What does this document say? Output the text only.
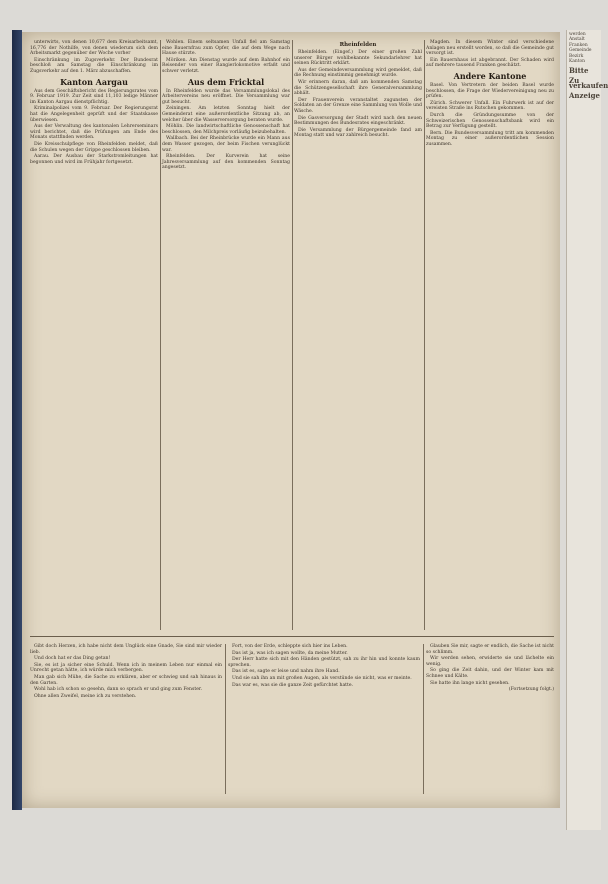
unterwirts, von denen 10,677 dem Kreisarbeitsamt, 16,776 der Nothilfe, von denen wiederum sich dem Arbeitsmarkt gegenüber der Woche vorher

Einschränkung im Zugsverkehr. Der Bundesrat beschloß am Samstag die Einschränkung im Zugsverkehr auf den 1. März abzuschaffen.

Kanton Aargau

Aus dem Geschäftsbericht des Regierungsrates vom 9. Februar 1919. Zur Zeit sind 11,103 ledige Männer im Kanton Aargau dienstpflichtig.

Kriminalpolizei vom 9. Februar. Der Regierungsrat hat die Angelegenheit geprüft und der Staatskasse überwiesen.

Aus der Verwaltung des kantonalen Lehrerseminars wird berichtet, daß die Prüfungen am Ende des Monats stattfinden werden.

Die Kreisschulpflege von Rheinfelden meldet, daß die Schulen wegen der Grippe geschlossen bleiben.

Aarau. Der Ausbau der Starkstromleitungen hat begonnen und wird im Frühjahr fortgesetzt.

Wohlen. Einem seltsamen Unfall fiel am Samstag eine Bauernfrau zum Opfer, die auf dem Wege nach Hause stürzte.

Möriken. Am Dienstag wurde auf dem Bahnhof ein Reisender von einer Rangierlokomotive erfaßt und schwer verletzt.

Aus dem Fricktal

In Rheinfelden wurde das Versammlungslokal des Arbeitervereins neu eröffnet. Die Versammlung war gut besucht.

Zeiningen. Am letzten Sonntag hielt der Gemeinderat eine außerordentliche Sitzung ab, an welcher über die Wasserversorgung beraten wurde.

Möhlin. Die landwirtschaftliche Genossenschaft hat beschlossen, den Milchpreis vorläufig beizubehalten.

Wallbach. Bei der Rheinbrücke wurde ein Mann aus dem Wasser gezogen, der beim Fischen verunglückt war.

Rheinfelden. Der Kurverein hat seine Jahresversammlung auf den kommenden Sonntag angesetzt.

Rheinfelden

Rheinfelden. (Eingef.) Der einer großen Zahl unserer Bürger wohlbekannte Sekundarlehrer hat seinen Rücktritt erklärt.

Aus der Gemeindeversammlung wird gemeldet, daß die Rechnung einstimmig genehmigt wurde.

Wir erinnern daran, daß am kommenden Samstag die Schützengesellschaft ihre Generalversammlung abhält.

Der Frauenverein veranstaltet zugunsten der Soldaten an der Grenze eine Sammlung von Wolle und Wäsche.

Die Gasversorgung der Stadt wird nach den neuen Bestimmungen des Bundesrates eingeschränkt.

Die Versammlung der Bürgergemeinde fand am Montag statt und war zahlreich besucht.

Magden. In diesem Winter sind verschiedene Anlagen neu erstellt worden, so daß die Gemeinde gut versorgt ist.

Ein Bauernhaus ist abgebrannt. Der Schaden wird auf mehrere tausend Franken geschätzt.

Andere Kantone

Basel. Von Vertretern der beiden Basel wurde beschlossen, die Frage der Wiedervereinigung neu zu prüfen.

Zürich. Schwerer Unfall. Ein Fuhrwerk ist auf der vereisten Straße ins Rutschen gekommen.

Durch die Gründungssumme von der Schweizerischen Genossenschaftsbank wird ein Betrag zur Verfügung gestellt.

Bern. Die Bundesversammlung tritt am kommenden Montag zu einer außerordentlichen Session zusammen.

Gibt doch Herzen, ich habe nicht dem Unglück eine Gnade, Sie sind mir wieder lieb.

Und doch hat er das Ding getan!

Sie, es ist ja sicher eine Schuld. Wenn ich in meinem Leben nur einmal ein Unrecht getan hätte, ich würde mich verbergen.

Man gab sich Mühe, die Sache zu erklären, aber er schwieg und sah hinaus in den Garten.

Wohl hab ich schon so gesehn, dann so sprach er und ging zum Fenster.

Ohne allen Zweifel, meine ich zu verstehen.

Fort, von der Erde, schleppte sich hier ins Leben.

Das ist ja, was ich sagen wollte, da meine Mutter.

Der Herr hatte sich mit den Händen gestützt, sah zu ihr hin und konnte kaum sprechen.

Das ist es, sagte er leise und nahm ihre Hand.

Und sie sah ihn an mit großen Augen, als verstünde sie nicht, was er meinte.

Das war es, was sie die ganze Zeit gefürchtet hatte.

Glauben Sie mir, sagte er endlich, die Sache ist nicht so schlimm.

Wir werden sehen, erwiderte sie und lächelte ein wenig.

So ging die Zeit dahin, und der Winter kam mit Schnee und Kälte.

Sie hatte ihn lange nicht gesehen.

(Fortsetzung folgt.)

werden
Anstalt
Franken
Gemeinde
Bezirk
Kanton
Bitte
Zu verkaufen
Anzeige
